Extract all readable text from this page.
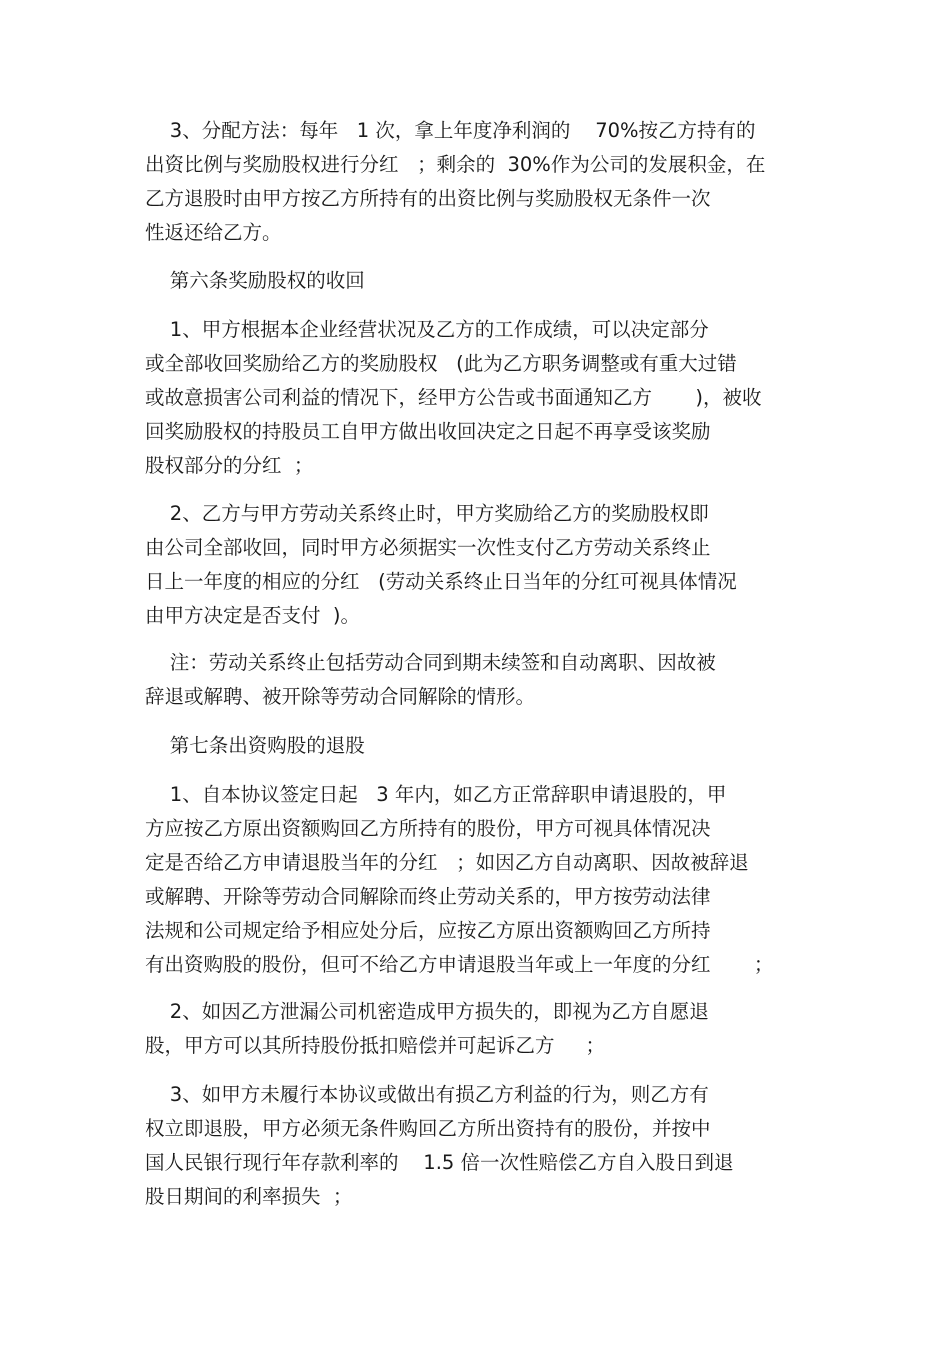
3、分配方法：每年   1 次，拿上年度净利润的    70%按乙方持有的
出资比例与奖励股权进行分红   ；剩余的  30%作为公司的发展积金，在
乙方退股时由甲方按乙方所持有的出资比例与奖励股权无条件一次
性返还给乙方。
第六条奖励股权的收回
1、甲方根据本企业经营状况及乙方的工作成绩，可以决定部分
或全部收回奖励给乙方的奖励股权   (此为乙方职务调整或有重大过错
或故意损害公司利益的情况下，经甲方公告或书面通知乙方       )，被收
回奖励股权的持股员工自甲方做出收回决定之日起不再享受该奖励
股权部分的分红  ；
2、乙方与甲方劳动关系终止时，甲方奖励给乙方的奖励股权即
由公司全部收回，同时甲方必须据实一次性支付乙方劳动关系终止
日上一年度的相应的分红   (劳动关系终止日当年的分红可视具体情况
由甲方决定是否支付  )。
注：劳动关系终止包括劳动合同到期未续签和自动离职、因故被
辞退或解聘、被开除等劳动合同解除的情形。
第七条出资购股的退股
1、自本协议签定日起   3 年内，如乙方正常辞职申请退股的，甲
方应按乙方原出资额购回乙方所持有的股份，甲方可视具体情况决
定是否给乙方申请退股当年的分红   ；如因乙方自动离职、因故被辞退
或解聘、开除等劳动合同解除而终止劳动关系的，甲方按劳动法律
法规和公司规定给予相应处分后，应按乙方原出资额购回乙方所持
有出资购股的股份，但可不给乙方申请退股当年或上一年度的分红       ；
2、如因乙方泄漏公司机密造成甲方损失的，即视为乙方自愿退
股，甲方可以其所持股份抵扣赔偿并可起诉乙方     ；
3、如甲方未履行本协议或做出有损乙方利益的行为，则乙方有
权立即退股，甲方必须无条件购回乙方所出资持有的股份，并按中
国人民银行现行年存款利率的    1.5 倍一次性赔偿乙方自入股日到退
股日期间的利率损失  ；
